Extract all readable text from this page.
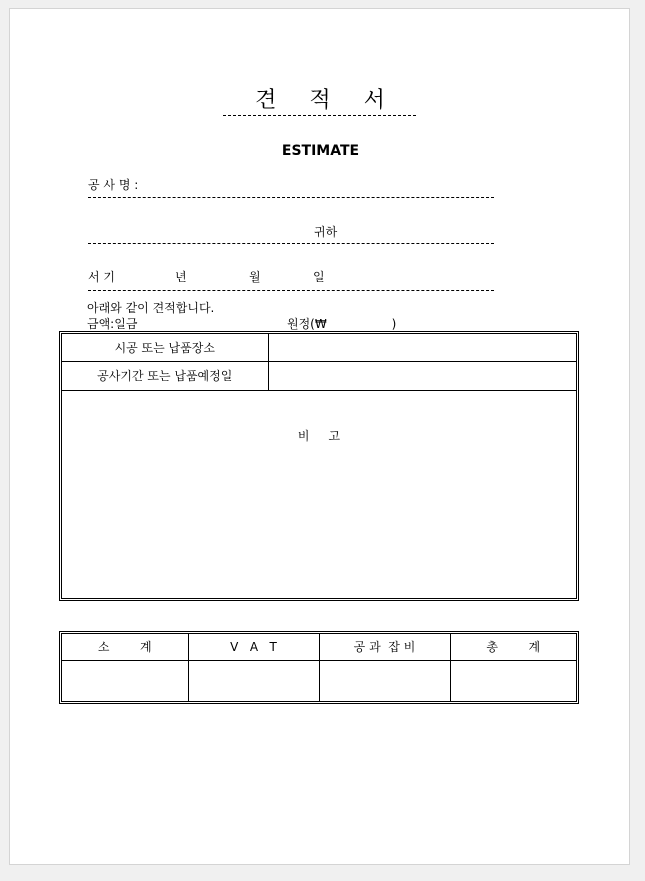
견    적    서
ESTIMATE
공 사 명 :
귀하
서 기	년	월	일
아래와 같이 견적합니다.
금액:일금	원정(₩                 )
시공 또는 납품장소	
공사기간 또는 납품예정일	

비     고	

소        계	V   A   T	공 과  잡 비	총        계
